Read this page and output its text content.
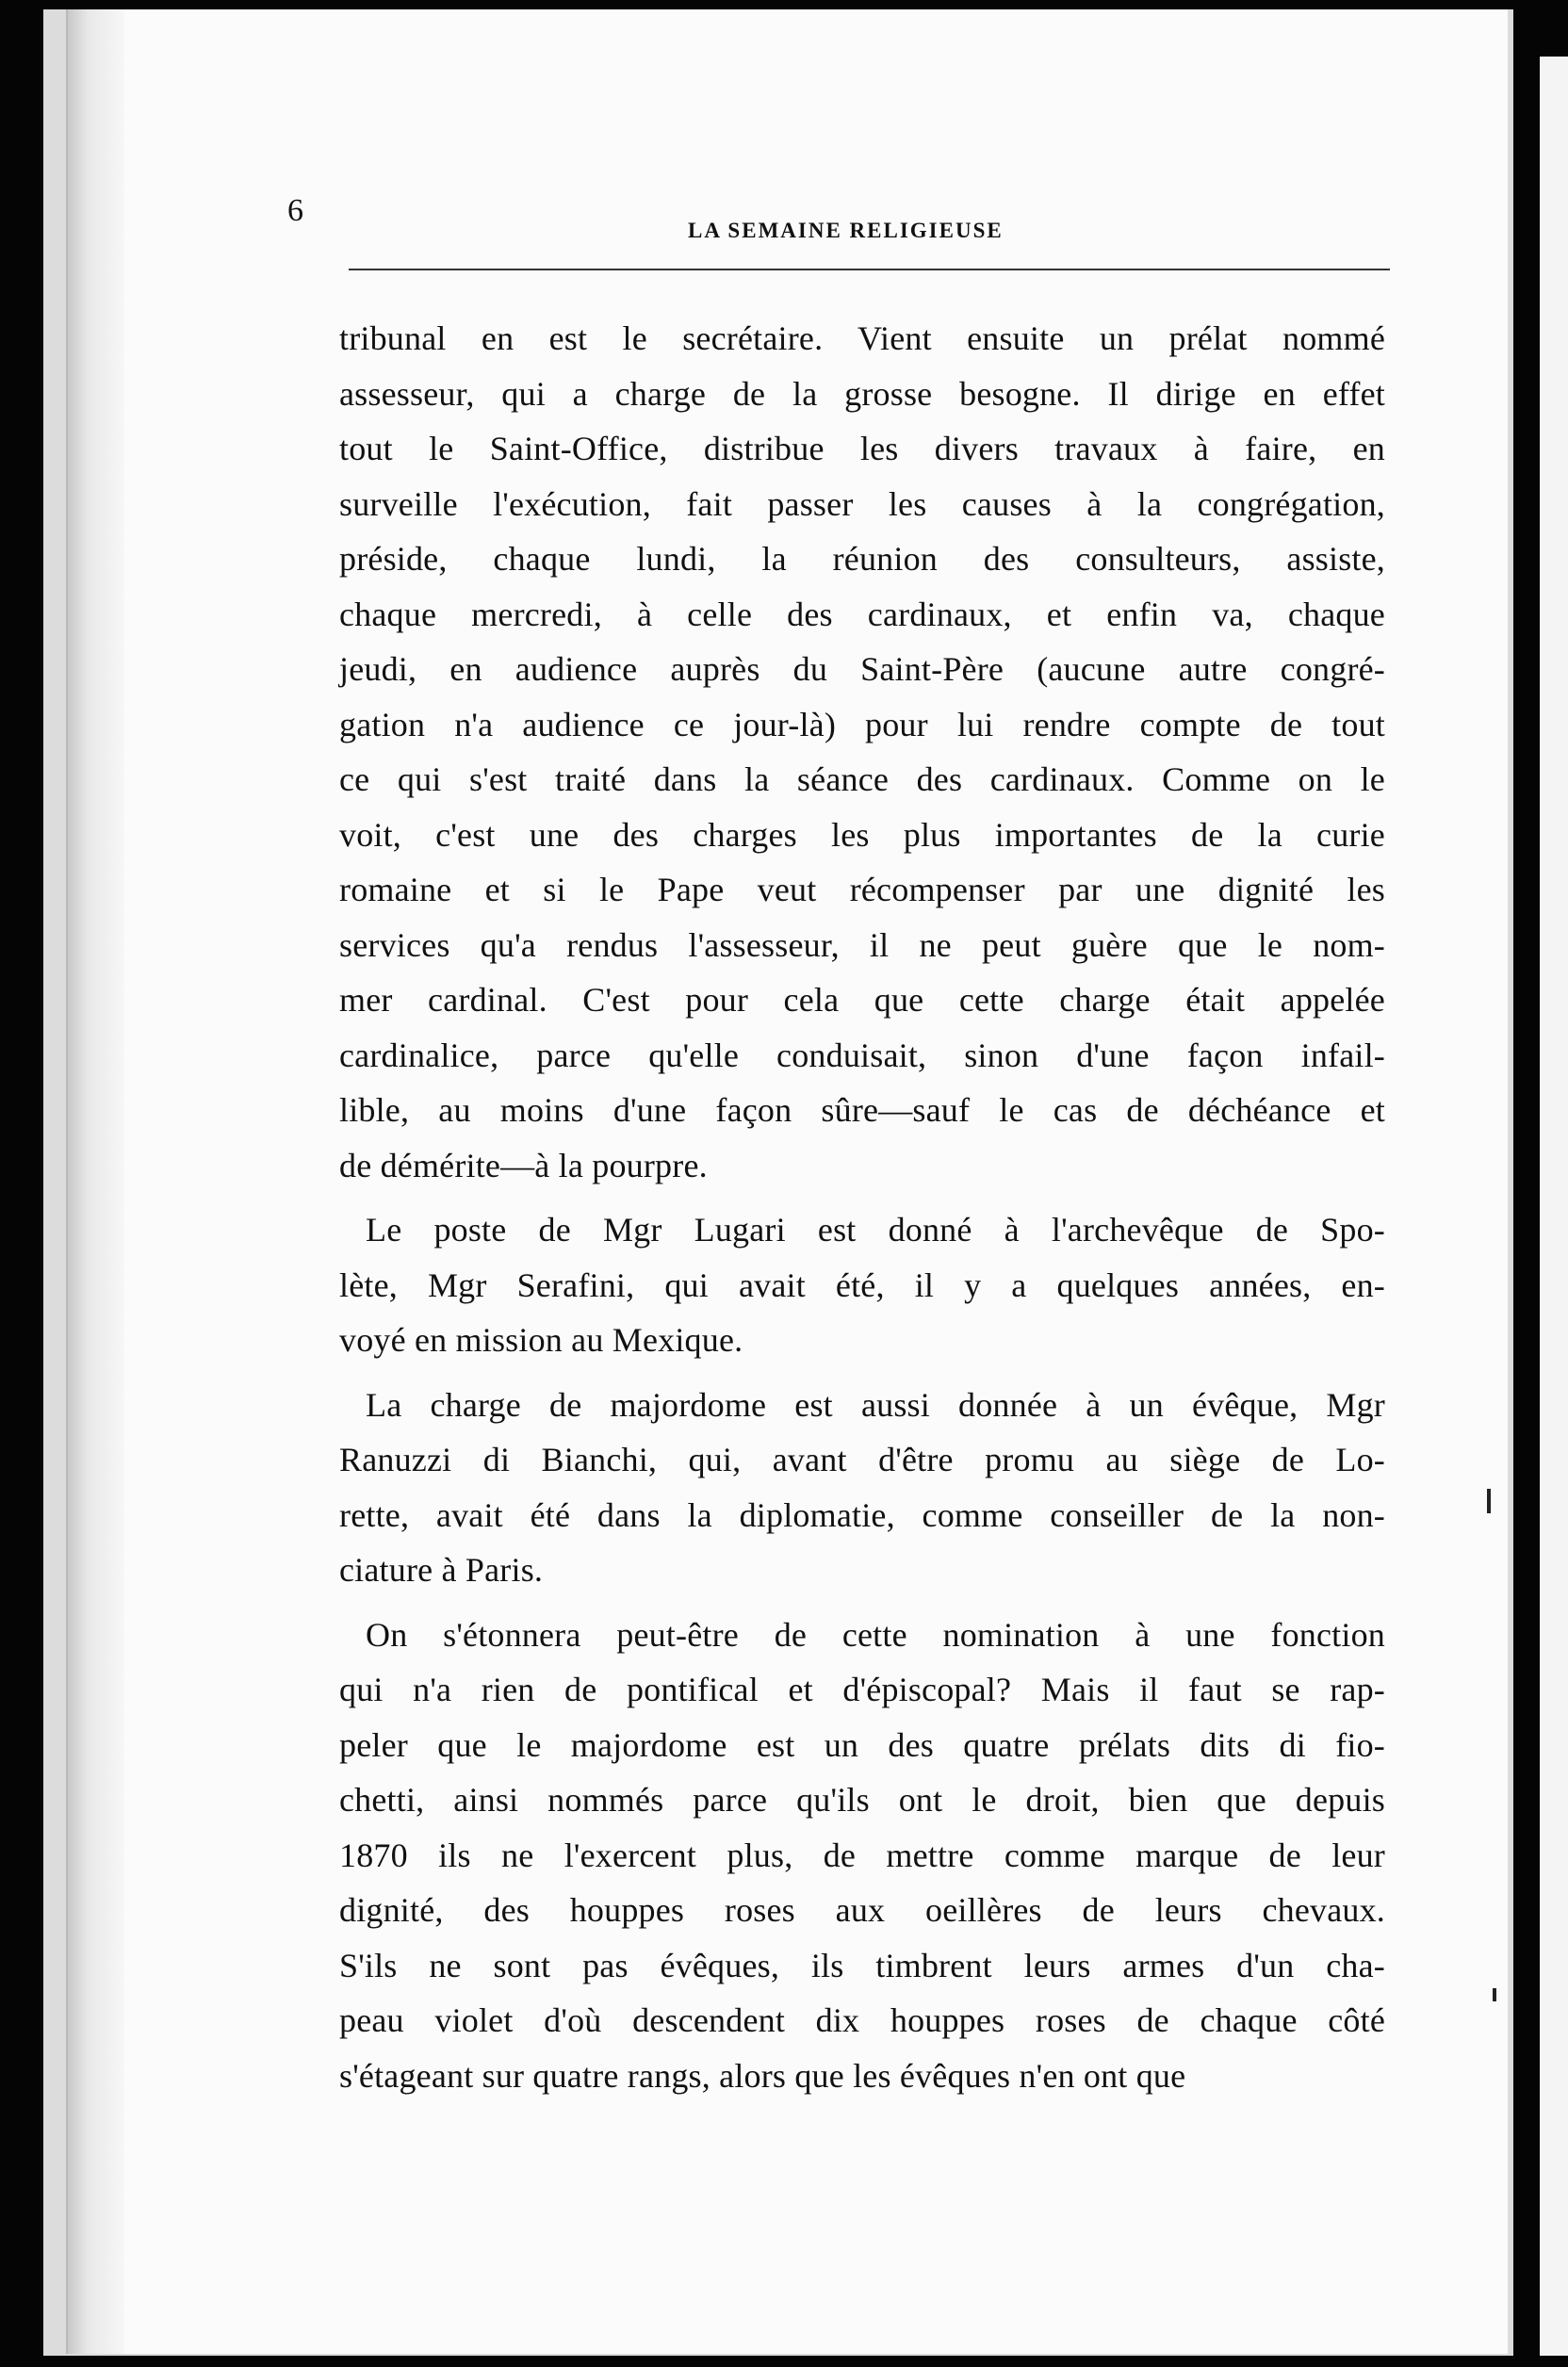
6
LA SEMAINE RELIGIEUSE

tribunal en est le secrétaire. Vient ensuite un prélat nommé
assesseur, qui a charge de la grosse besogne. Il dirige en effet
tout le Saint-Office, distribue les divers travaux à faire, en
surveille l'exécution, fait passer les causes à la congrégation,
préside, chaque lundi, la réunion des consulteurs, assiste,
chaque mercredi, à celle des cardinaux, et enfin va, chaque
jeudi, en audience auprès du Saint-Père (aucune autre congré-
gation n'a audience ce jour-là) pour lui rendre compte de tout
ce qui s'est traité dans la séance des cardinaux. Comme on le
voit, c'est une des charges les plus importantes de la curie
romaine et si le Pape veut récompenser par une dignité les
services qu'a rendus l'assesseur, il ne peut guère que le nom-
mer cardinal. C'est pour cela que cette charge était appelée
cardinalice, parce qu'elle conduisait, sinon d'une façon infail-
lible, au moins d'une façon sûre—sauf le cas de déchéance et
de démérite—à la pourpre.

Le poste de Mgr Lugari est donné à l'archevêque de Spo-
lète, Mgr Serafini, qui avait été, il y a quelques années, en-
voyé en mission au Mexique.

La charge de majordome est aussi donnée à un évêque, Mgr
Ranuzzi di Bianchi, qui, avant d'être promu au siège de Lo-
rette, avait été dans la diplomatie, comme conseiller de la non-
ciature à Paris.

On s'étonnera peut-être de cette nomination à une fonction
qui n'a rien de pontifical et d'épiscopal? Mais il faut se rap-
peler que le majordome est un des quatre prélats dits di fio-
chetti, ainsi nommés parce qu'ils ont le droit, bien que depuis
1870 ils ne l'exercent plus, de mettre comme marque de leur
dignité, des houppes roses aux oeillères de leurs chevaux.
S'ils ne sont pas évêques, ils timbrent leurs armes d'un cha-
peau violet d'où descendent dix houppes roses de chaque côté
s'étageant sur quatre rangs, alors que les évêques n'en ont que
